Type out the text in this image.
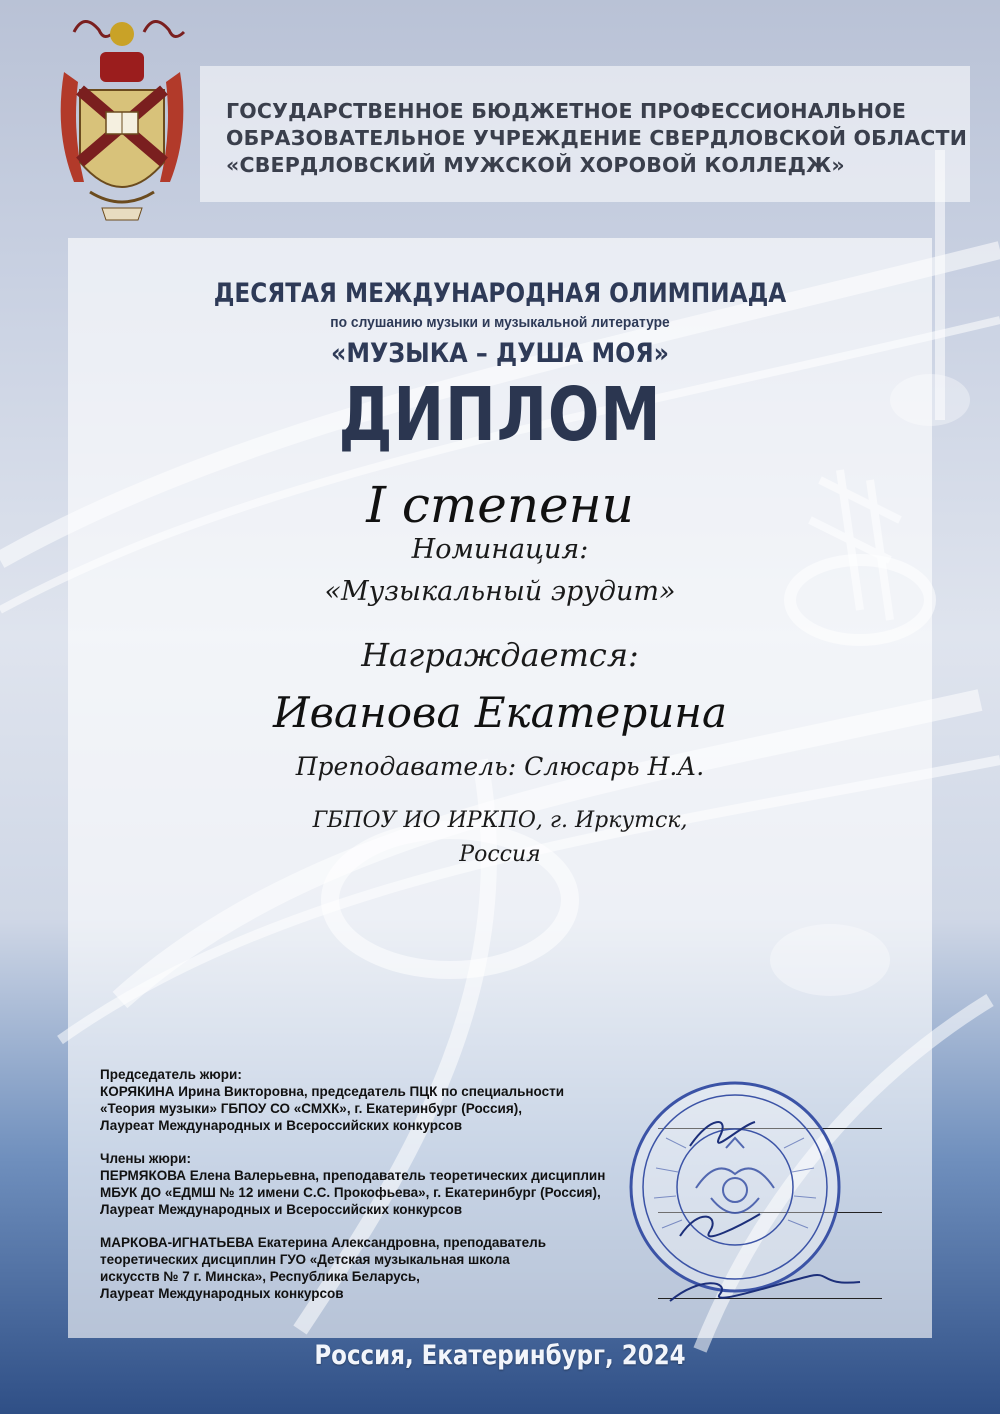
ГОСУДАРСТВЕННОЕ БЮДЖЕТНОЕ ПРОФЕССИОНАЛЬНОЕ
ОБРАЗОВАТЕЛЬНОЕ УЧРЕЖДЕНИЕ СВЕРДЛОВСКОЙ ОБЛАСТИ
«СВЕРДЛОВСКИЙ МУЖСКОЙ ХОРОВОЙ КОЛЛЕДЖ»
ДЕСЯТАЯ МЕЖДУНАРОДНАЯ ОЛИМПИАДА
по слушанию музыки и музыкальной литературе
«МУЗЫКА – ДУША МОЯ»
ДИПЛОМ
I степени
Номинация:
«Музыкальный эрудит»
Награждается:
Иванова Екатерина
Преподаватель: Слюсарь Н.А.
ГБПОУ ИО ИРКПО, г. Иркутск,
Россия
Председатель жюри:
КОРЯКИНА Ирина Викторовна, председатель ПЦК по специальности
«Теория музыки» ГБПОУ СО «СМХК», г. Екатеринбург (Россия),
Лауреат Международных и Всероссийских конкурсов
Члены жюри:
ПЕРМЯКОВА Елена Валерьевна, преподаватель теоретических дисциплин
МБУК ДО «ЕДМШ № 12 имени С.С. Прокофьева», г. Екатеринбург (Россия),
Лауреат Международных и Всероссийских конкурсов
МАРКОВА-ИГНАТЬЕВА Екатерина Александровна, преподаватель
теоретических дисциплин ГУО «Детская музыкальная школа
искусств № 7 г. Минска», Республика Беларусь,
Лауреат Международных конкурсов
Россия, Екатеринбург, 2024
